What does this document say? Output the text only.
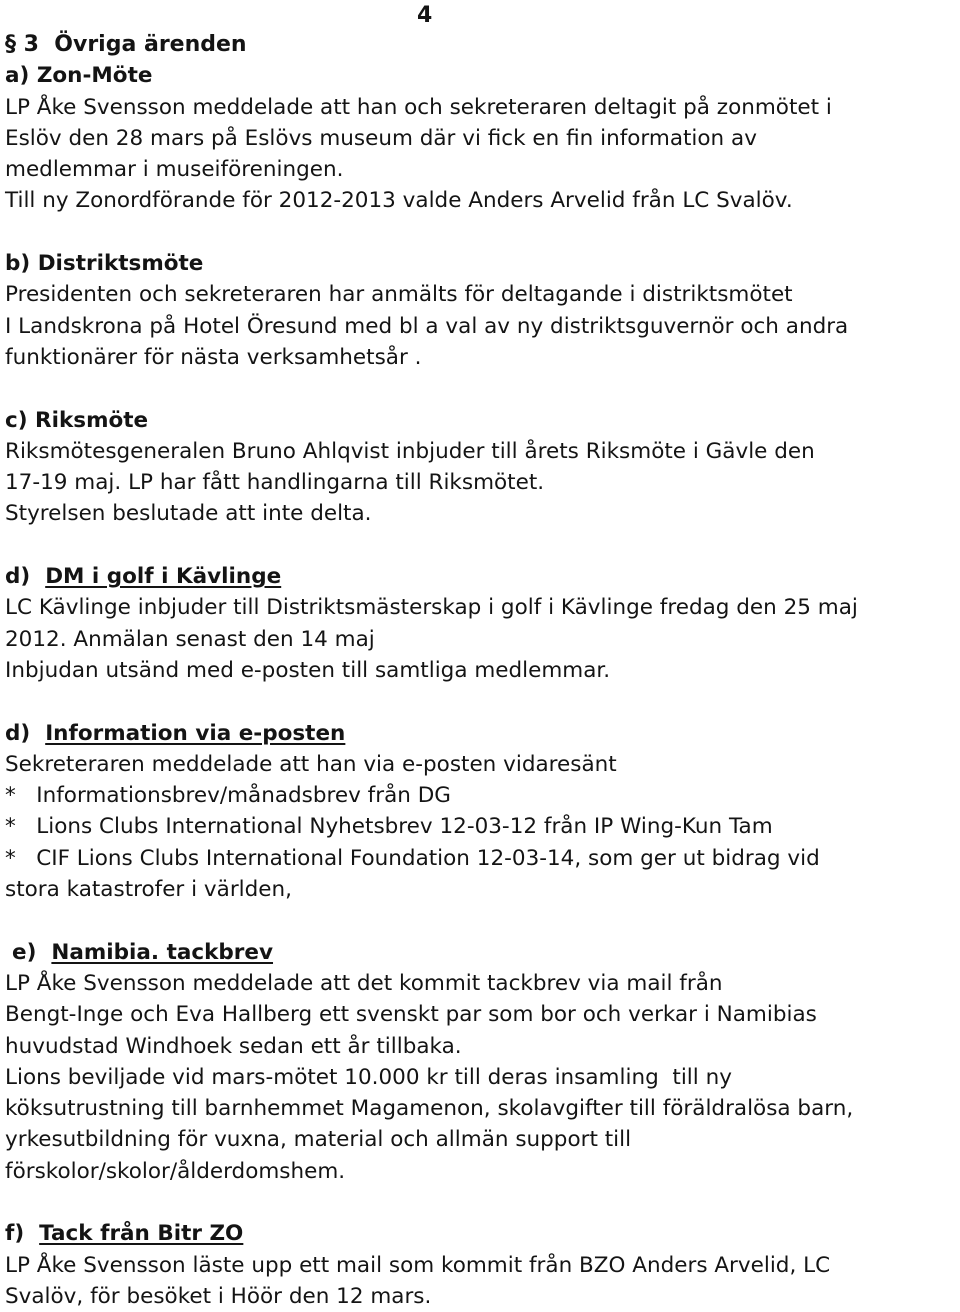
4
§ 3  Övriga ärenden
a) Zon-Möte
LP Åke Svensson meddelade att han och sekreteraren deltagit på zonmötet i
Eslöv den 28 mars på Eslövs museum där vi fick en fin information av
medlemmar i museiföreningen.
Till ny Zonordförande för 2012-2013 valde Anders Arvelid från LC Svalöv.
b) Distriktsmöte
Presidenten och sekreteraren har anmälts för deltagande i distriktsmötet
I Landskrona på Hotel Öresund med bl a val av ny distriktsguvernör och andra
funktionärer för nästa verksamhetsår .
c) Riksmöte
Riksmötesgeneralen Bruno Ahlqvist inbjuder till årets Riksmöte i Gävle den
17-19 maj. LP har fått handlingarna till Riksmötet.
Styrelsen beslutade att inte delta.
d)  DM i golf i Kävlinge
LC Kävlinge inbjuder till Distriktsmästerskap i golf i Kävlinge fredag den 25 maj
2012. Anmälan senast den 14 maj
Inbjudan utsänd med e-posten till samtliga medlemmar.
d)  Information via e-posten
Sekreteraren meddelade att han via e-posten vidaresänt
*   Informationsbrev/månadsbrev från DG
*   Lions Clubs International Nyhetsbrev 12-03-12 från IP Wing-Kun Tam
*   CIF Lions Clubs International Foundation 12-03-14, som ger ut bidrag vid
stora katastrofer i världen,
e)  Namibia. tackbrev
LP Åke Svensson meddelade att det kommit tackbrev via mail från
Bengt-Inge och Eva Hallberg ett svenskt par som bor och verkar i Namibias
huvudstad Windhoek sedan ett år tillbaka.
Lions beviljade vid mars-mötet 10.000 kr till deras insamling  till ny
köksutrustning till barnhemmet Magamenon, skolavgifter till föräldralösa barn,
yrkesutbildning för vuxna, material och allmän support till
förskolor/skolor/ålderdomshem.
f)  Tack från Bitr ZO
LP Åke Svensson läste upp ett mail som kommit från BZO Anders Arvelid, LC
Svalöv, för besöket i Höör den 12 mars.
